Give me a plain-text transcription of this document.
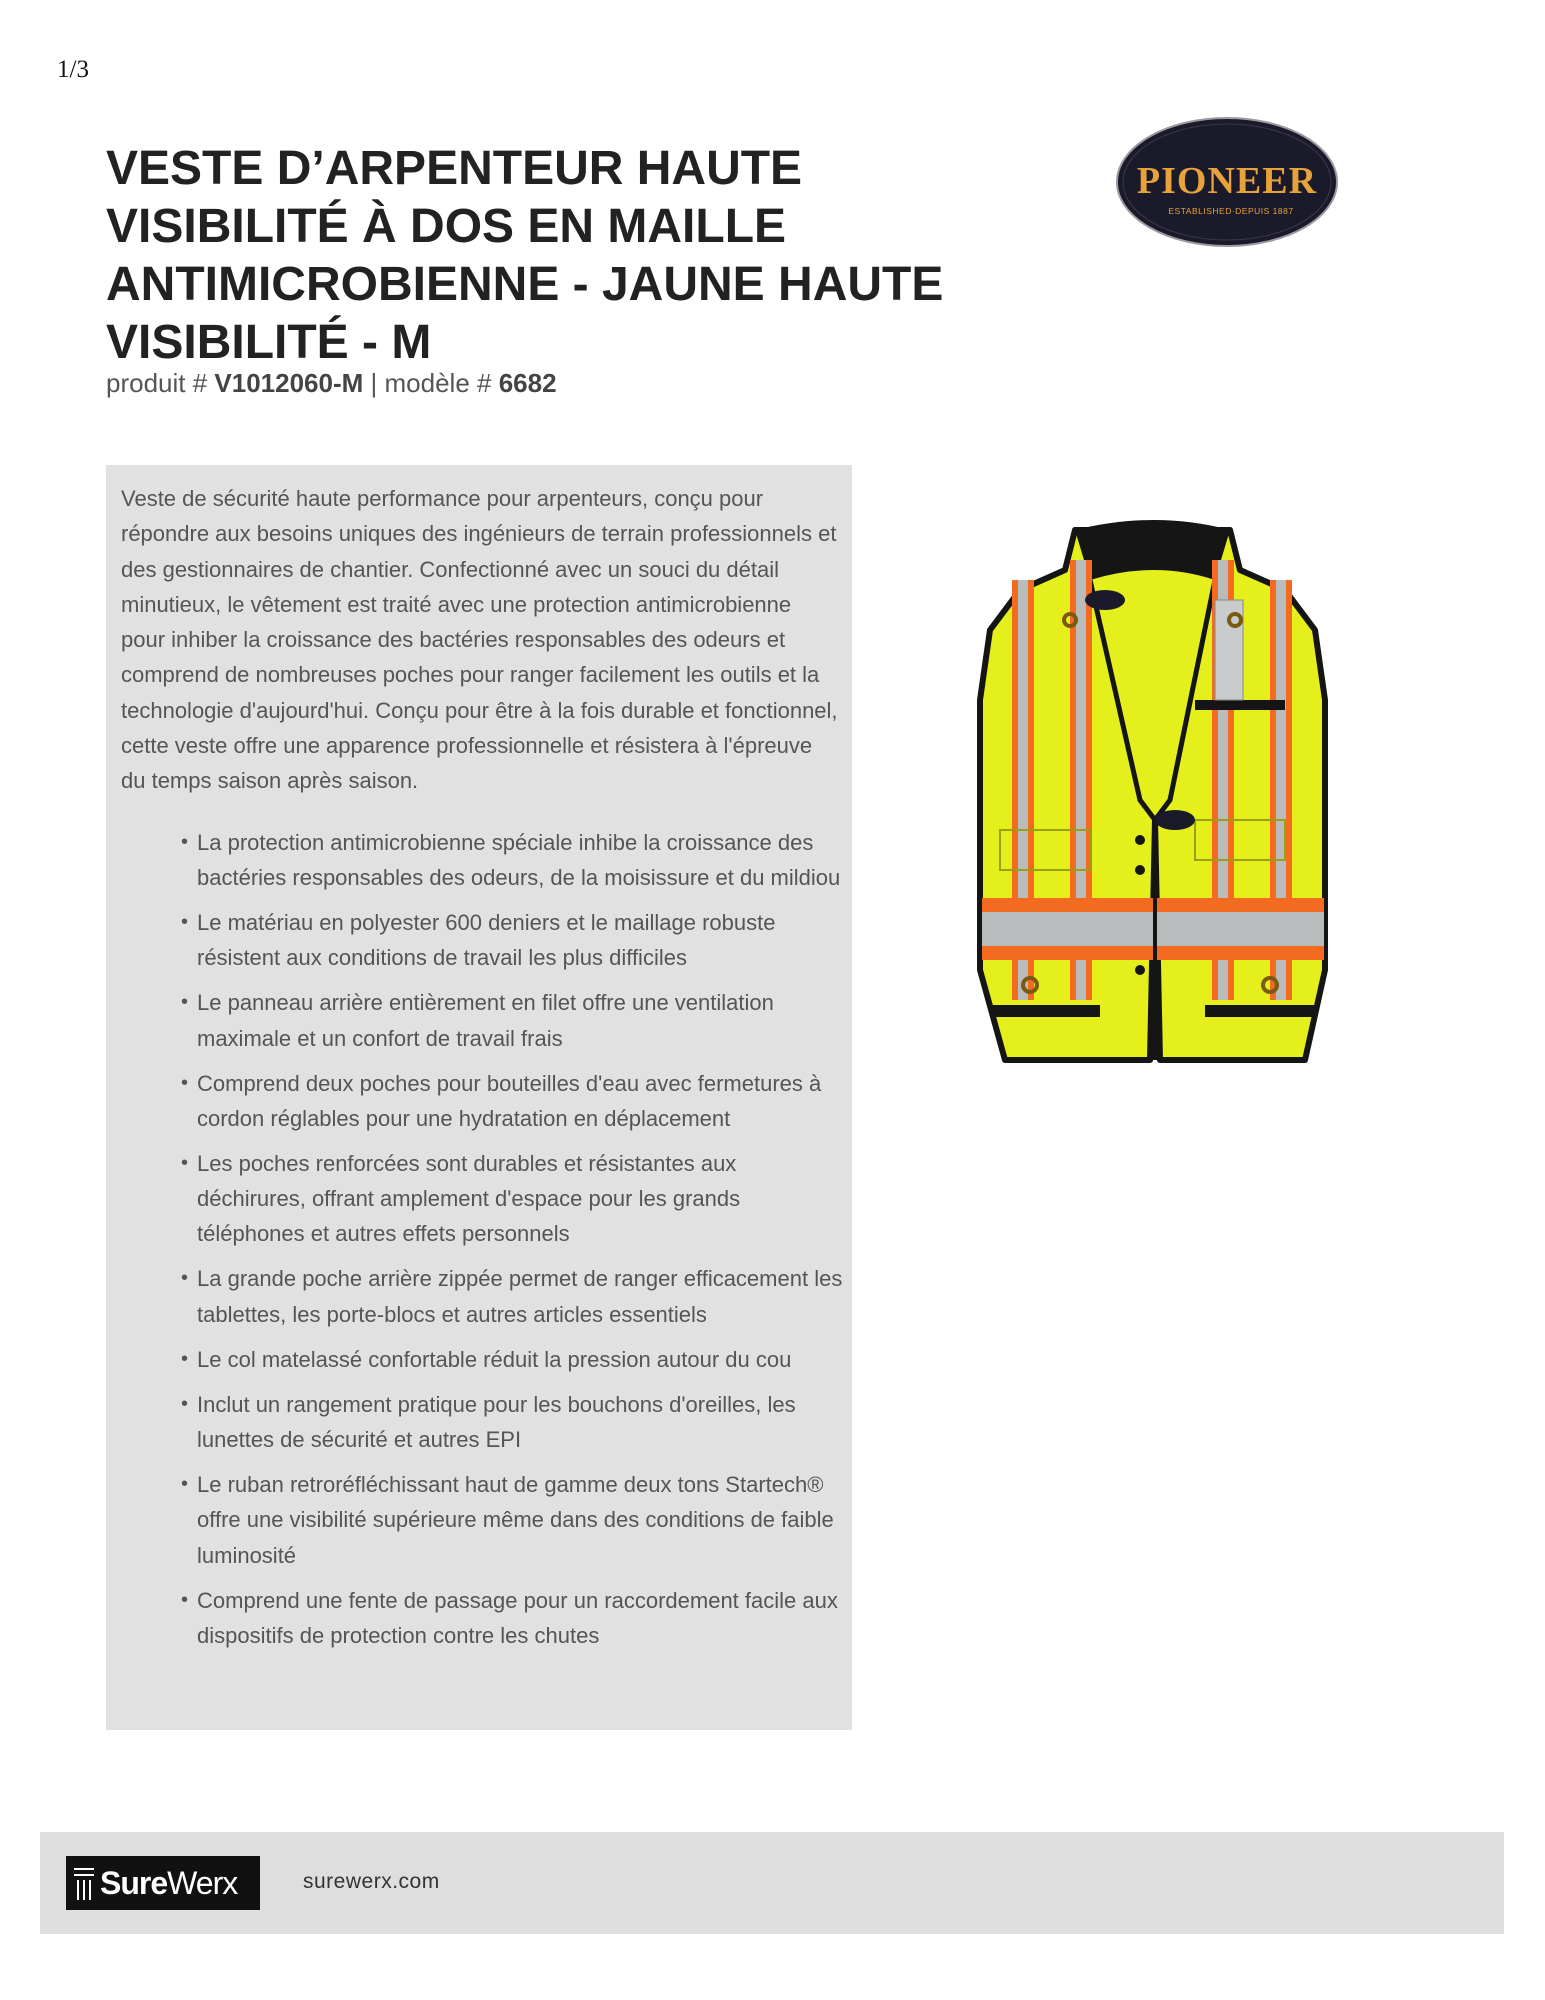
1/3
VESTE D’ARPENTEUR HAUTE VISIBILITÉ À DOS EN MAILLE ANTIMICROBIENNE - JAUNE HAUTE VISIBILITÉ - M
produit # V1012060-M | modèle # 6682
PIONEER
ESTABLISHED·DEPUIS 1887

Veste de sécurité haute performance pour arpenteurs, conçu pour répondre aux besoins uniques des ingénieurs de terrain professionnels et des gestionnaires de chantier. Confectionné avec un souci du détail minutieux, le vêtement est traité avec une protection antimicrobienne pour inhiber la croissance des bactéries responsables des odeurs et comprend de nombreuses poches pour ranger facilement les outils et la technologie d'aujourd'hui. Conçu pour être à la fois durable et fonctionnel, cette veste offre une apparence professionnelle et résistera à l'épreuve du temps saison après saison.

• La protection antimicrobienne spéciale inhibe la croissance des bactéries responsables des odeurs, de la moisissure et du mildiou
• Le matériau en polyester 600 deniers et le maillage robuste résistent aux conditions de travail les plus difficiles
• Le panneau arrière entièrement en filet offre une ventilation maximale et un confort de travail frais
• Comprend deux poches pour bouteilles d'eau avec fermetures à cordon réglables pour une hydratation en déplacement
• Les poches renforcées sont durables et résistantes aux déchirures, offrant amplement d'espace pour les grands téléphones et autres effets personnels
• La grande poche arrière zippée permet de ranger efficacement les tablettes, les porte-blocs et autres articles essentiels
• Le col matelassé confortable réduit la pression autour du cou
• Inclut un rangement pratique pour les bouchons d'oreilles, les lunettes de sécurité et autres EPI
• Le ruban retroréfléchissant haut de gamme deux tons Startech® offre une visibilité supérieure même dans des conditions de faible luminosité
• Comprend une fente de passage pour un raccordement facile aux dispositifs de protection contre les chutes
SureWerx	surewerx.com
